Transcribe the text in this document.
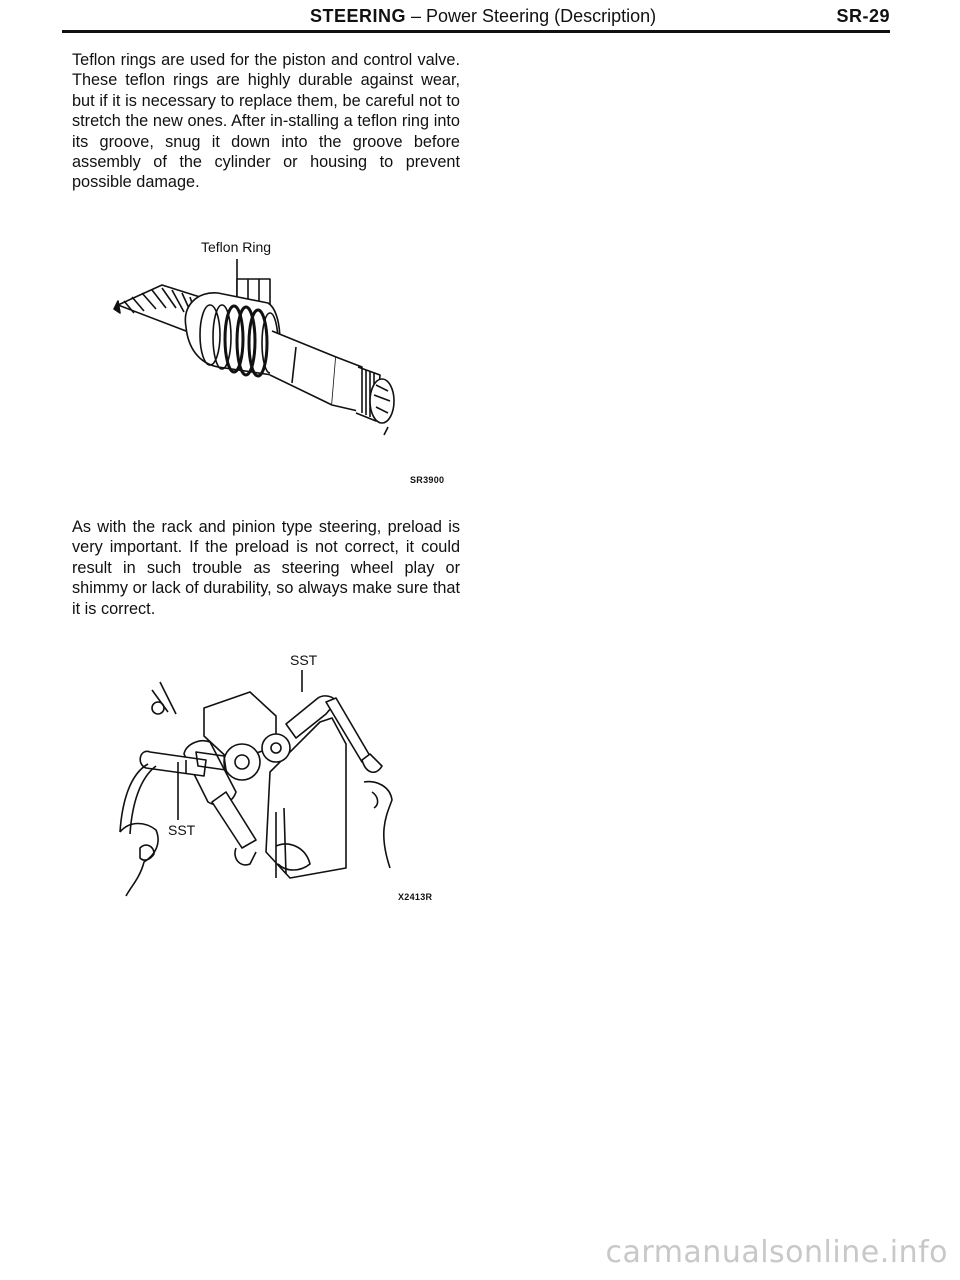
STEERING – Power Steering (Description)	SR-29

Teflon rings are used for the piston and control valve. These teflon rings are highly durable against wear, but if it is necessary to replace them, be careful not to stretch the new ones. After in-stalling a teflon ring into its groove, snug it down into the groove before assembly of the cylinder or housing to prevent possible damage.

Teflon Ring
SR3900

As with the rack and pinion type steering, preload is very important. If the preload is not correct, it could result in such trouble as steering wheel play or shimmy or lack of durability, so always make sure that it is correct.

SST
SST
X2413R
carmanualsonline.info
